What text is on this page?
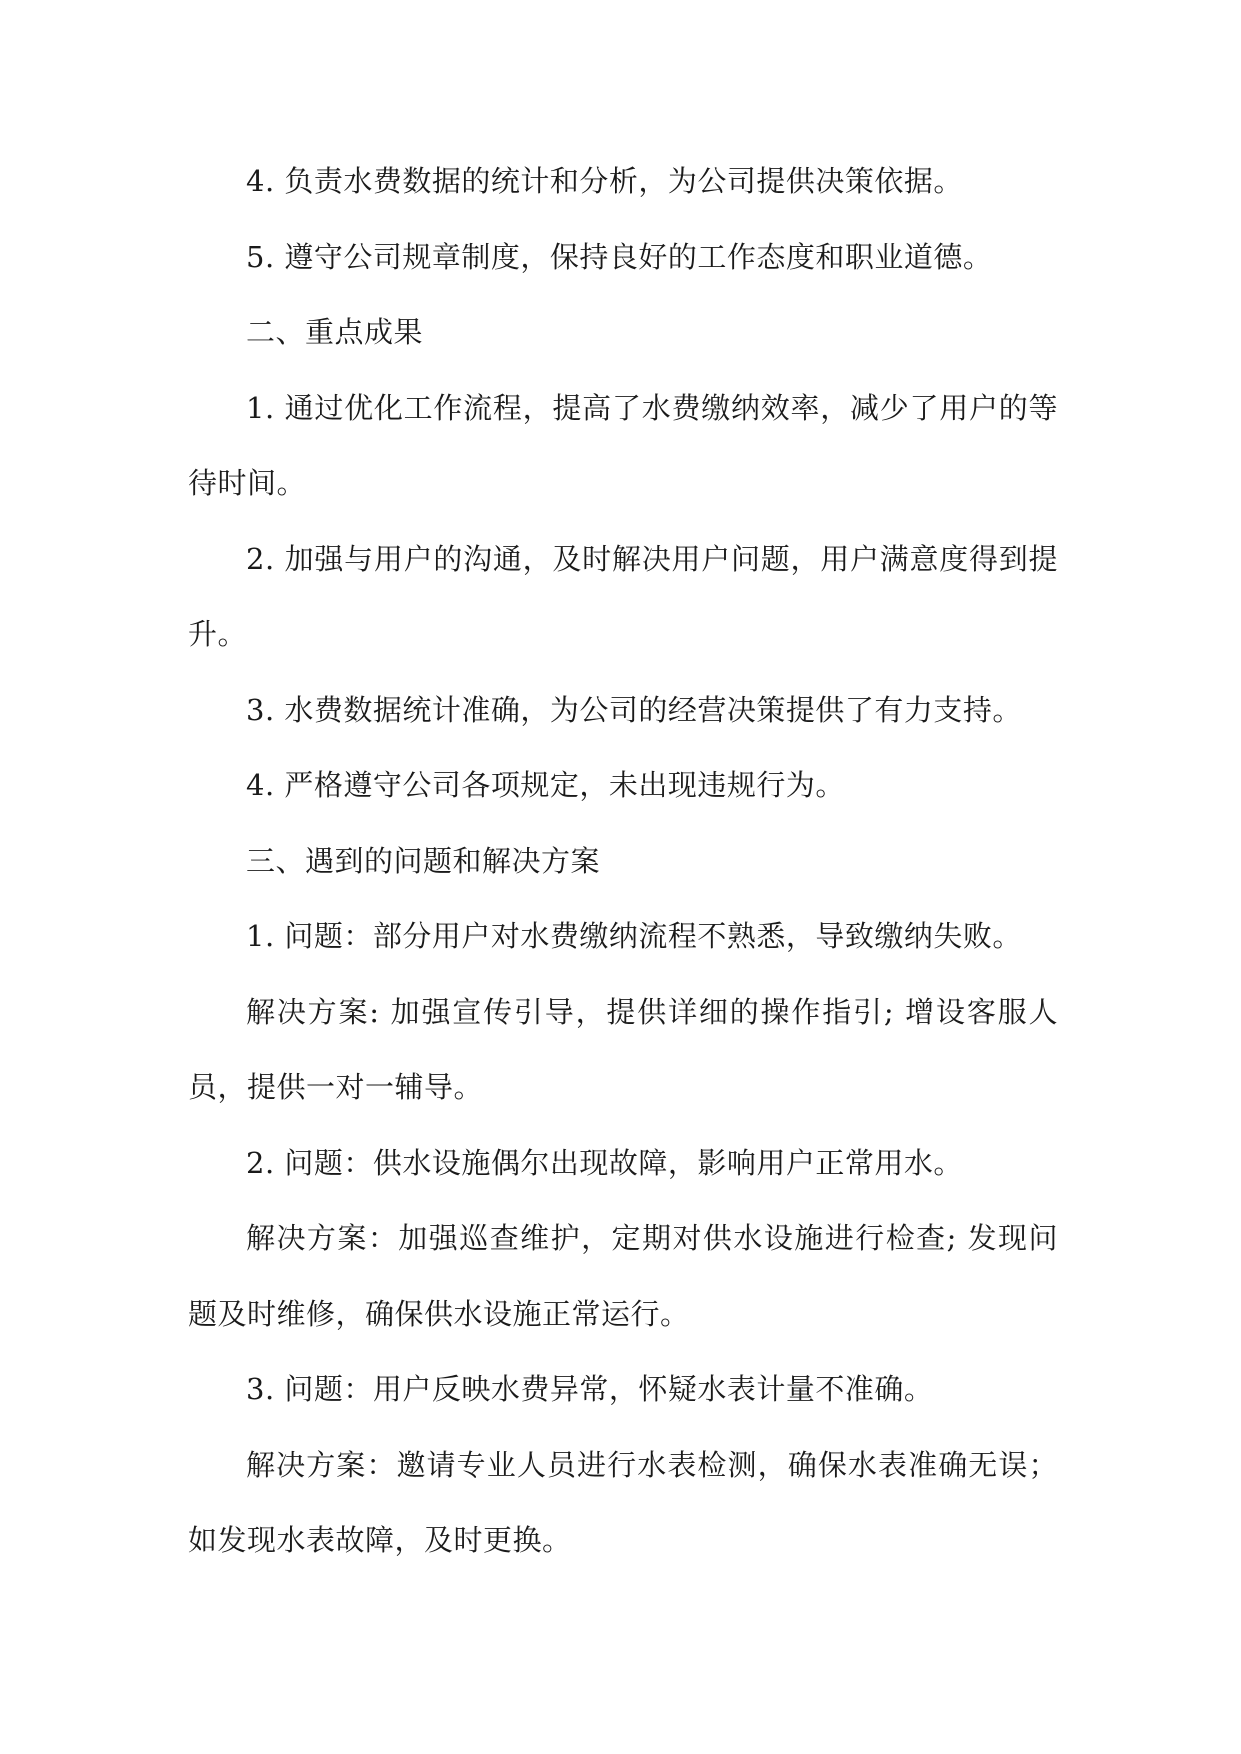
4. 负责水费数据的统计和分析，为公司提供决策依据。

5. 遵守公司规章制度，保持良好的工作态度和职业道德。

二、重点成果

1. 通过优化工作流程，提高了水费缴纳效率，减少了用户的等待时间。

2. 加强与用户的沟通，及时解决用户问题，用户满意度得到提升。

3. 水费数据统计准确，为公司的经营决策提供了有力支持。

4. 严格遵守公司各项规定，未出现违规行为。

三、遇到的问题和解决方案

1. 问题：部分用户对水费缴纳流程不熟悉，导致缴纳失败。

解决方案: 加强宣传引导，提供详细的操作指引; 增设客服人员，提供一对一辅导。

2. 问题：供水设施偶尔出现故障，影响用户正常用水。

解决方案：加强巡查维护，定期对供水设施进行检查; 发现问题及时维修，确保供水设施正常运行。

3. 问题：用户反映水费异常，怀疑水表计量不准确。

解决方案：邀请专业人员进行水表检测，确保水表准确无误；如发现水表故障，及时更换。
